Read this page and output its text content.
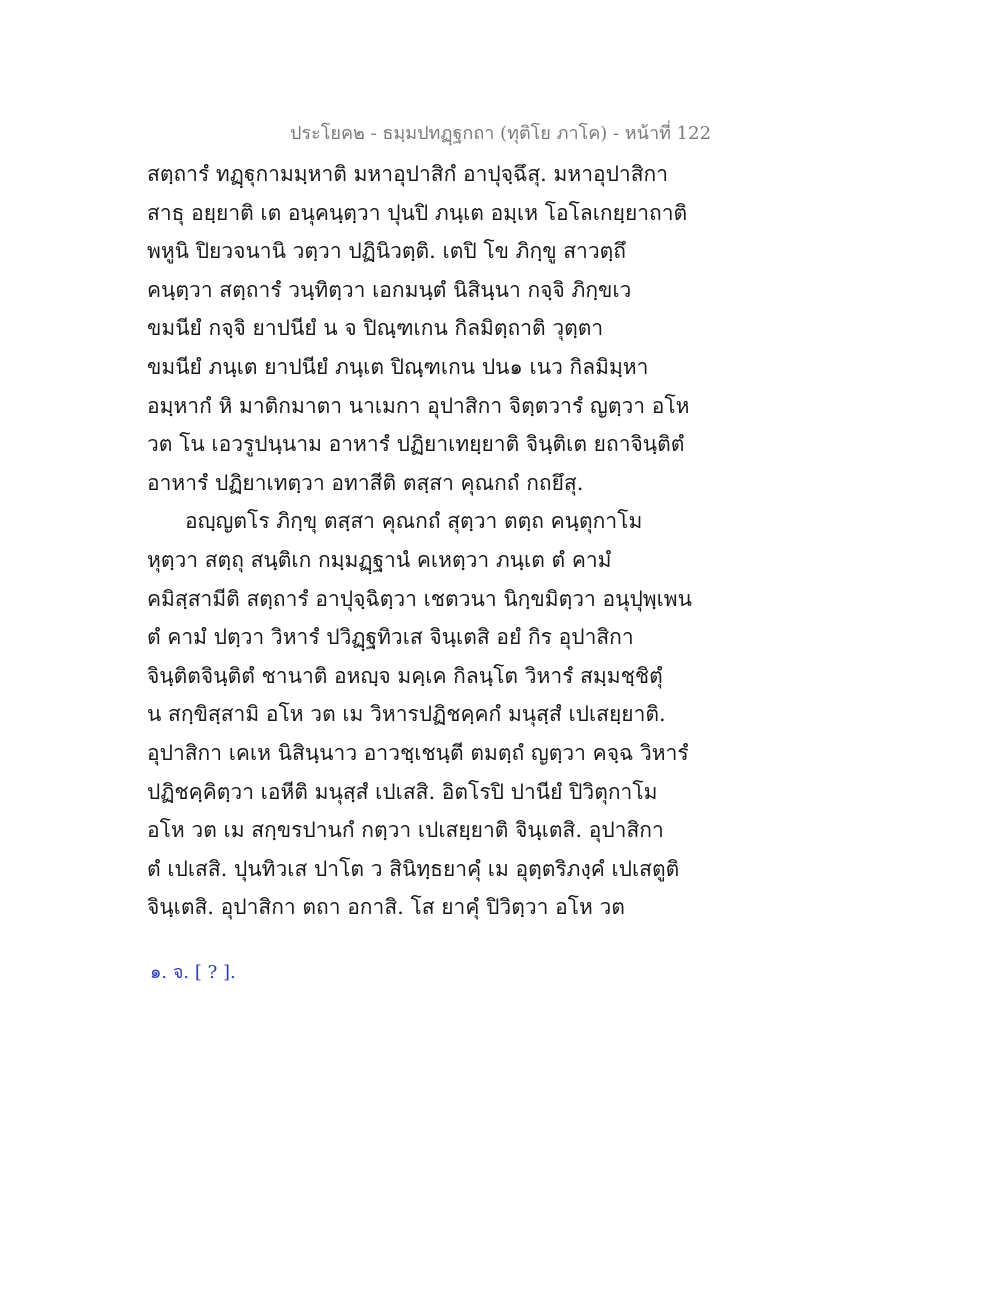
ประโยค๒ - ธมฺมปทฏฺฐกถา (ทุติโย ภาโค) - หน้าที่ 122
สตฺถารํ ทฏฺฐุกามมฺหาติ มหาอุปาสิกํ อาปุจฺฉึสุ. มหาอุปาสิกา
สาธุ อยฺยาติ เต อนุคนฺตฺวา ปุนปิ ภนฺเต อมฺเห โอโลเกยฺยาถาติ
พหูนิ ปิยวจนานิ วตฺวา ปฏินิวตฺติ. เตปิ โข ภิกฺขู สาวตฺถึ
คนฺตฺวา สตฺถารํ วนฺทิตฺวา เอกมนฺตํ นิสินฺนา กจฺจิ ภิกฺขเว
ขมนียํ กจฺจิ ยาปนียํ น จ ปิณฺฑเกน กิลมิตฺถาติ วุตฺตา
ขมนียํ ภนฺเต ยาปนียํ ภนฺเต ปิณฺฑเกน ปน๑ เนว กิลมิมฺหา
อมฺหากํ หิ มาติกมาตา นาเมกา อุปาสิกา จิตฺตวารํ ญตฺวา อโห
วต โน เอวรูปนฺนาม อาหารํ ปฏิยาเทยฺยาติ จินฺติเต ยถาจินฺติตํ
อาหารํ ปฏิยาเทตฺวา อทาสีติ ตสฺสา คุณกถํ กถยึสุ.
อญฺญตโร ภิกฺขุ ตสฺสา คุณกถํ สุตฺวา ตตฺถ คนฺตุกาโม
หุตฺวา สตฺถุ สนฺติเก กมฺมฏฺฐานํ คเหตฺวา ภนฺเต ตํ คามํ
คมิสฺสามีติ สตฺถารํ อาปุจฺฉิตฺวา เชตวนา นิกฺขมิตฺวา อนุปุพฺเพน
ตํ คามํ ปตฺวา วิหารํ ปวิฏฺฐทิวเส จินฺเตสิ อยํ กิร อุปาสิกา
จินฺติตจินฺติตํ ชานาติ อหญฺจ มคฺเค กิลนฺโต วิหารํ สมฺมชฺชิตุํ
น สกฺขิสฺสามิ อโห วต เม วิหารปฏิชคฺคกํ มนุสฺสํ เปเสยฺยาติ.
อุปาสิกา เคเห นิสินฺนาว อาวชฺเชนฺตี ตมตฺถํ ญตฺวา คจฺฉ วิหารํ
ปฏิชคฺคิตฺวา เอหีติ มนุสฺสํ เปเสสิ. อิตโรปิ ปานียํ ปิวิตุกาโม
อโห วต เม สกฺขรปานกํ กตฺวา เปเสยฺยาติ จินฺเตสิ. อุปาสิกา
ตํ เปเสสิ. ปุนทิวเส ปาโต ว สินิทฺธยาคุํ เม อุตฺตริภงฺคํ เปเสตูติ
จินฺเตสิ. อุปาสิกา ตถา อกาสิ. โส ยาคุํ ปิวิตฺวา อโห วต
๑. จ. [ ? ].
